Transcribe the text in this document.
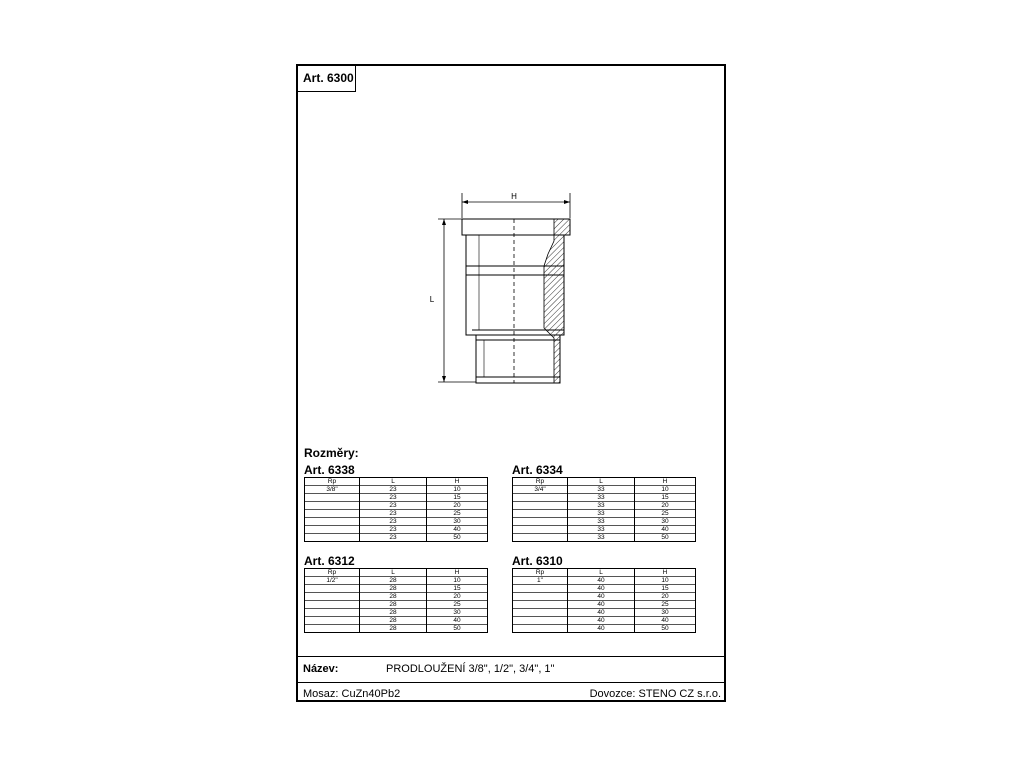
Art. 6300
H
L
Rozměry:
Art. 6338
Rp	L	H
3/8"	23	10
	23	15
	23	20
	23	25
	23	30
	23	40
	23	50
Art. 6334
Rp	L	H
3/4"	33	10
	33	15
	33	20
	33	25
	33	30
	33	40
	33	50
Art. 6312
Rp	L	H
1/2"	28	10
	28	15
	28	20
	28	25
	28	30
	28	40
	28	50
Art. 6310
Rp	L	H
1"	40	10
	40	15
	40	20
	40	25
	40	30
	40	40
	40	50
Název:	PRODLOUŽENÍ 3/8", 1/2", 3/4", 1"
Mosaz: CuZn40Pb2	Dovozce: STENO CZ s.r.o.
